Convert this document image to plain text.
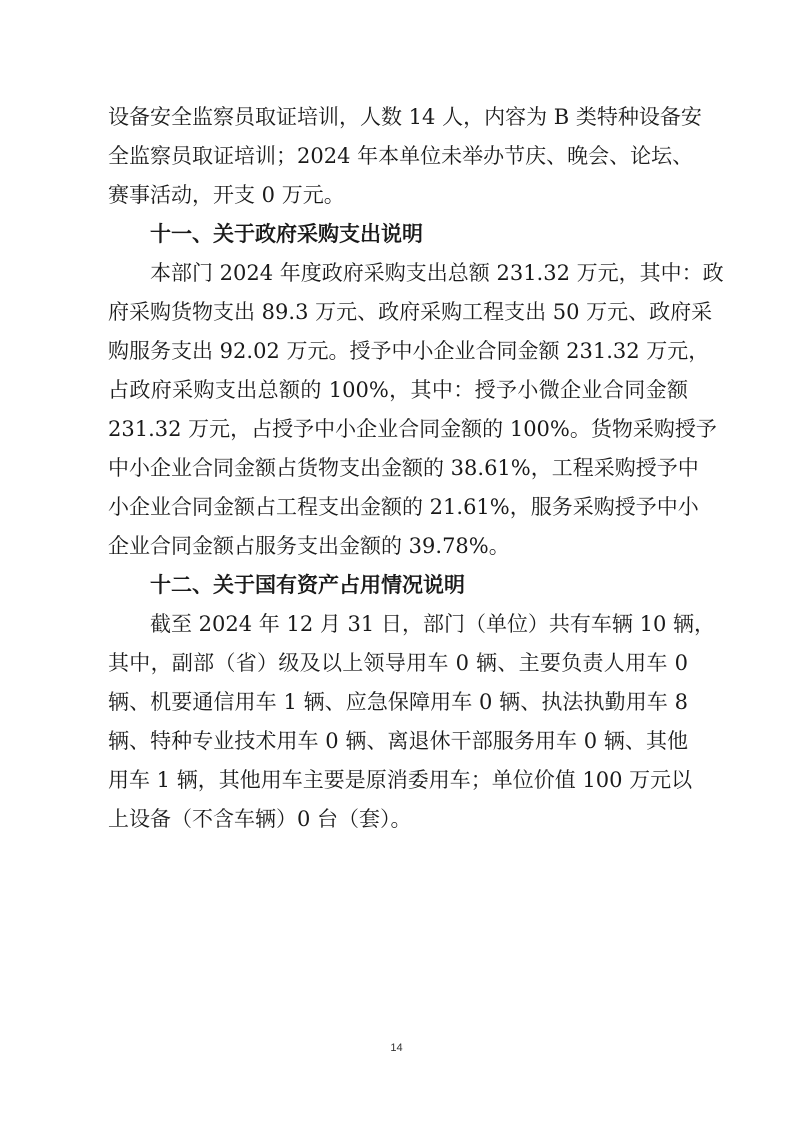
设备安全监察员取证培训，人数 14 人，内容为 B 类特种设备安
全监察员取证培训；2024 年本单位未举办节庆、晚会、论坛、
赛事活动，开支 0 万元。
十一、关于政府采购支出说明
本部门 2024 年度政府采购支出总额 231.32 万元，其中：政
府采购货物支出 89.3 万元、政府采购工程支出 50 万元、政府采
购服务支出 92.02 万元。授予中小企业合同金额 231.32 万元，
占政府采购支出总额的 100%，其中：授予小微企业合同金额
231.32 万元，占授予中小企业合同金额的 100%。货物采购授予
中小企业合同金额占货物支出金额的 38.61%，工程采购授予中
小企业合同金额占工程支出金额的 21.61%，服务采购授予中小
企业合同金额占服务支出金额的 39.78%。
十二、关于国有资产占用情况说明
截至 2024 年 12 月 31 日，部门（单位）共有车辆 10 辆，
其中，副部（省）级及以上领导用车 0 辆、主要负责人用车 0
辆、机要通信用车 1 辆、应急保障用车 0 辆、执法执勤用车 8
辆、特种专业技术用车 0 辆、离退休干部服务用车 0 辆、其他
用车 1 辆，其他用车主要是原消委用车；单位价值 100 万元以
上设备（不含车辆）0 台（套）。
14
